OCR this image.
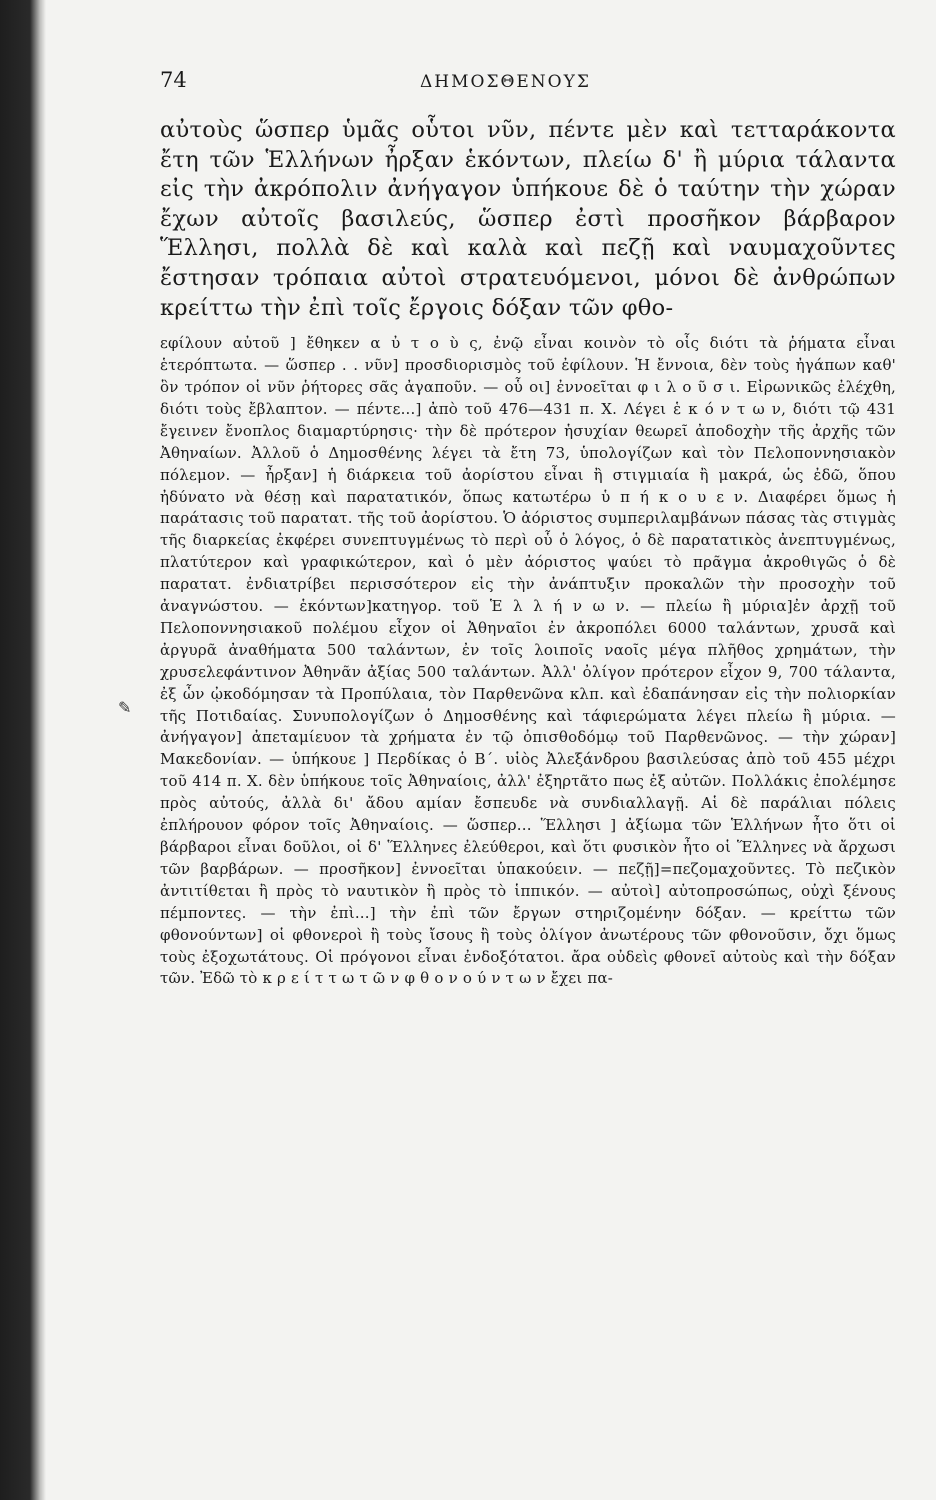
74	ΔΗΜΟΣΘΕΝΟΥΣ

αὐτοὺς ὥσπερ ὑμᾶς οὗτοι νῦν, πέντε μὲν καὶ τετταράκοντα ἔτη τῶν Ἑλλήνων ἦρξαν ἑκόντων, πλείω δ' ἢ μύρια τάλαντα εἰς τὴν ἀκρόπολιν ἀνήγαγον ὑπήκουε δὲ ὁ ταύτην τὴν χώραν ἔχων αὐτοῖς βασιλεύς, ὥσπερ ἐστὶ προσῆκον βάρβαρον Ἕλλησι, πολλὰ δὲ καὶ καλὰ καὶ πεζῇ καὶ ναυμαχοῦντες ἔστησαν τρόπαια αὐτοὶ στρατευόμενοι, μόνοι δὲ ἀνθρώπων κρείττω τὴν ἐπὶ τοῖς ἔργοις δόξαν τῶν φθο-

εφίλουν αὐτοῦ ] ἔθηκεν α ὐ τ ο ὺ ς, ἐνῷ εἶναι κοινὸν τὸ οἷς διότι τὰ ῥήματα εἶναι ἑτερόπτωτα. — ὥσπερ . . νῦν] προσδιορισμὸς τοῦ ἐφίλουν. Ἡ ἔννοια, δὲν τοὺς ἠγάπων καθ' ὃν τρόπον οἱ νῦν ῥήτορες σᾶς ἀγαποῦν. — οὗ οι] ἐννοεῖται φ ι λ ο ῦ σ ι. Εἰρωνικῶς ἐλέχθη, διότι τοὺς ἔβλαπτον. — πέντε...] ἀπὸ τοῦ 476—431 π. Χ. Λέγει ἑ κ ό ν τ ω ν, διότι τῷ 431 ἔγεινεν ἔνοπλος διαμαρτύρησις· τὴν δὲ πρότερον ἡσυχίαν θεωρεῖ ἀποδοχὴν τῆς ἀρχῆς τῶν Ἀθηναίων. Ἀλλοῦ ὁ Δημοσθένης λέγει τὰ ἔτη 73, ὑπολογίζων καὶ τὸν Πελοποννησιακὸν πόλεμον. — ἦρξαν] ἡ διάρκεια τοῦ ἀορίστου εἶναι ἢ στιγμιαία ἢ μακρά, ὡς ἐδῶ, ὅπου ἠδύνατο νὰ θέσῃ καὶ παρατατικόν, ὅπως κατωτέρω ὑ π ή κ ο υ ε ν. Διαφέρει ὅμως ἡ παράτασις τοῦ παρατατ. τῆς τοῦ ἀορίστου. Ὁ ἀόριστος συμπεριλαμβάνων πάσας τὰς στιγμὰς τῆς διαρκείας ἐκφέρει συνεπτυγμένως τὸ περὶ οὗ ὁ λόγος, ὁ δὲ παρατατικὸς ἀνεπτυγμένως, πλατύτερον καὶ γραφικώτερον, καὶ ὁ μὲν ἀόριστος ψαύει τὸ πρᾶγμα ἀκροθιγῶς ὁ δὲ παρατατ. ἐνδιατρίβει περισσότερον εἰς τὴν ἀνάπτυξιν προκαλῶν τὴν προσοχὴν τοῦ ἀναγνώστου. — ἑκόντων]κατηγορ. τοῦ Ἑ λ λ ή ν ω ν. — πλείω ἢ μύρια]ἐν ἀρχῇ τοῦ Πελοποννησιακοῦ πολέμου εἶχον οἱ Ἀθηναῖοι ἐν ἀκροπόλει 6000 ταλάντων, χρυσᾶ καὶ ἀργυρᾶ ἀναθήματα 500 ταλάντων, ἐν τοῖς λοιποῖς ναοῖς μέγα πλῆθος χρημάτων, τὴν χρυσελεφάντινον Ἀθηνᾶν ἀξίας 500 ταλάντων. Ἀλλ' ὀλίγον πρότερον εἶχον 9, 700 τάλαντα, ἐξ ὧν ᾠκοδόμησαν τὰ Προπύλαια, τὸν Παρθενῶνα κλπ. καὶ ἐδαπάνησαν εἰς τὴν πολιορκίαν τῆς Ποτιδαίας. Συνυπολογίζων ὁ Δημοσθένης καὶ τάφιερώματα λέγει πλείω ἢ μύρια. — ἀνήγαγον] ἀπεταμίευον τὰ χρήματα ἐν τῷ ὀπισθοδόμῳ τοῦ Παρθενῶνος. — τὴν χώραν] Μακεδονίαν. — ὑπήκουε ] Περδίκας ὁ Β΄. υἱὸς Ἀλεξάνδρου βασιλεύσας ἀπὸ τοῦ 455 μέχρι τοῦ 414 π. Χ. δὲν ὑπήκουε τοῖς Ἀθηναίοις, ἀλλ' ἐξηρτᾶτο πως ἐξ αὐτῶν. Πολλάκις ἐπολέμησε πρὸς αὐτούς, ἀλλὰ δι' ἄδου αμίαν ἔσπευδε νὰ συνδιαλλαγῇ. Αἱ δὲ παράλιαι πόλεις ἐπλήρουον φόρον τοῖς Ἀθηναίοις. — ὥσπερ... Ἕλλησι ] ἀξίωμα τῶν Ἑλλήνων ἦτο ὅτι οἱ βάρβαροι εἶναι δοῦλοι, οἱ δ' Ἕλληνες ἐλεύθεροι, καὶ ὅτι φυσικὸν ἦτο οἱ Ἕλληνες νὰ ἄρχωσι τῶν βαρβάρων. — προσῆκον] ἐννοεῖται ὑπακούειν. — πεζῇ]=πεζομαχοῦντες. Τὸ πεζικὸν ἀντιτίθεται ἢ πρὸς τὸ ναυτικὸν ἢ πρὸς τὸ ἱππικόν. — αὐτοὶ] αὐτοπροσώπως, οὐχὶ ξένους πέμποντες. — τὴν ἐπὶ...] τὴν ἐπὶ τῶν ἔργων στηριζομένην δόξαν. — κρείττω τῶν φθονούντων] οἱ φθονεροὶ ἢ τοὺς ἴσους ἢ τοὺς ὀλίγον ἀνωτέρους τῶν φθονοῦσιν, ὄχι ὅμως τοὺς ἐξοχωτάτους. Οἱ πρόγονοι εἶναι ἐνδοξότατοι. ἄρα οὐδεὶς φθονεῖ αὐτοὺς καὶ τὴν δόξαν τῶν. Ἐδῶ τὸ κ ρ ε ί τ τ ω τ ῶ ν φ θ ο ν ο ύ ν τ ω ν ἔχει πα-

✎
